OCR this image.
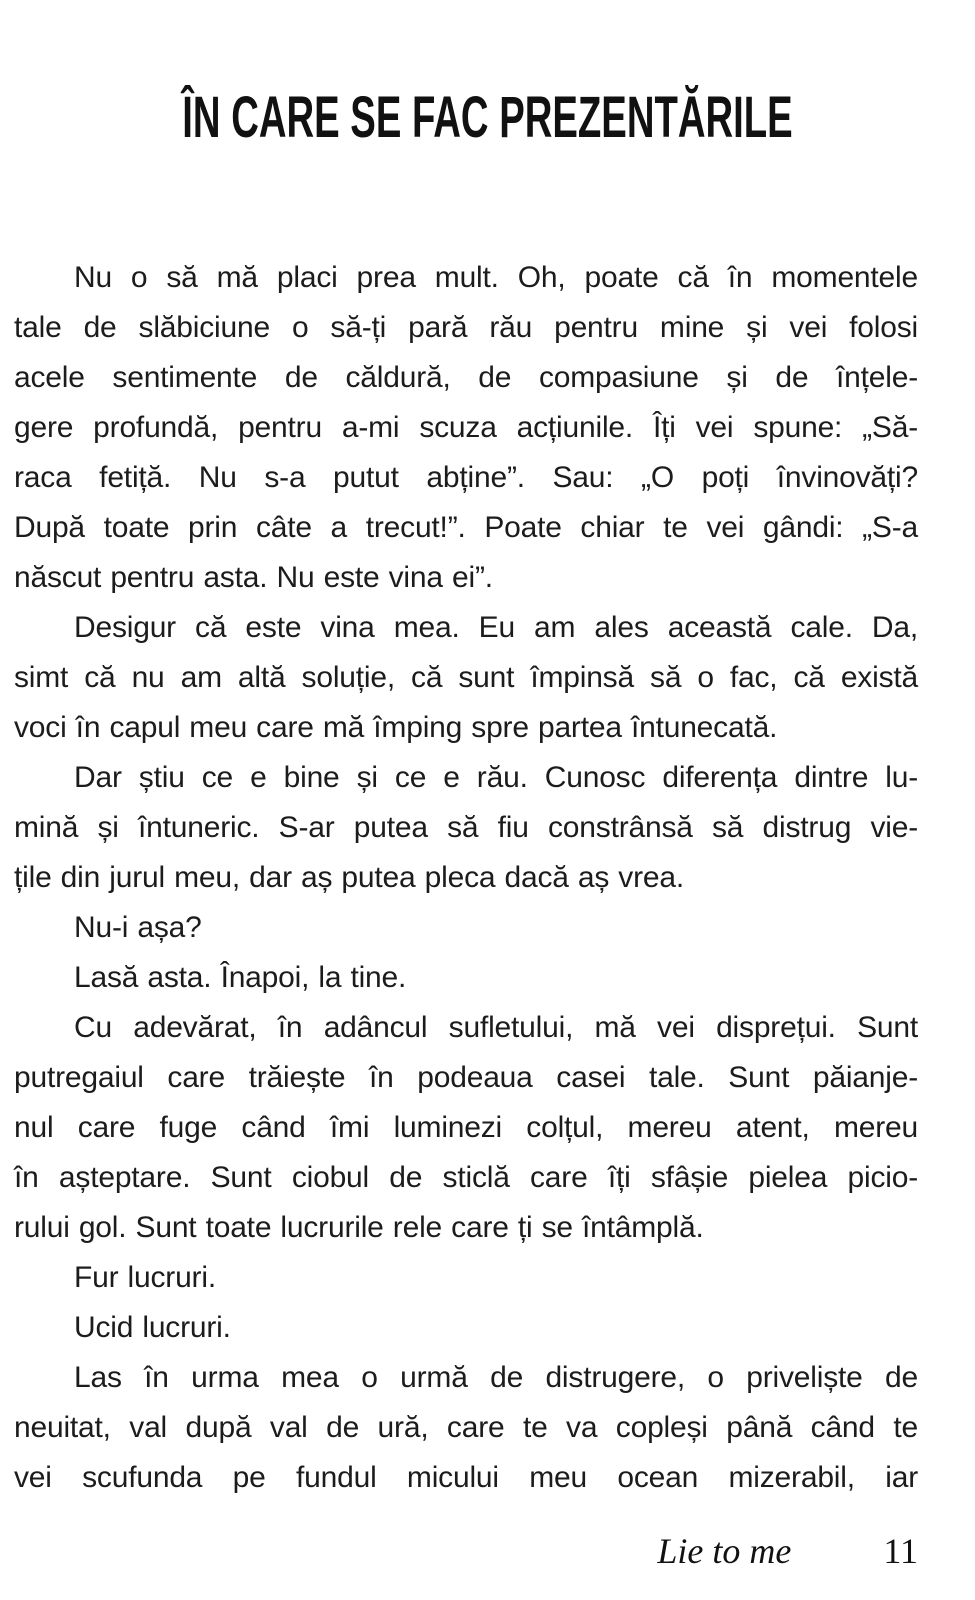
ÎN CARE SE FAC PREZENTĂRILE
Nu o să mă placi prea mult. Oh, poate că în momentele
tale de slăbiciune o să-ți pară rău pentru mine și vei folosi
acele sentimente de căldură, de compasiune și de înțele-
gere profundă, pentru a-mi scuza acțiunile. Îți vei spune: „Să-
raca fetiță. Nu s-a putut abține”. Sau: „O poți învinovăți?
După toate prin câte a trecut!”. Poate chiar te vei gândi: „S-a
născut pentru asta. Nu este vina ei”.
Desigur că este vina mea. Eu am ales această cale. Da,
simt că nu am altă soluție, că sunt împinsă să o fac, că există
voci în capul meu care mă împing spre partea întunecată.
Dar știu ce e bine și ce e rău. Cunosc diferența dintre lu-
mină și întuneric. S-ar putea să fiu constrânsă să distrug vie-
țile din jurul meu, dar aș putea pleca dacă aș vrea.
Nu-i așa?
Lasă asta. Înapoi, la tine.
Cu adevărat, în adâncul sufletului, mă vei disprețui. Sunt
putregaiul care trăiește în podeaua casei tale. Sunt păianje-
nul care fuge când îmi luminezi colțul, mereu atent, mereu
în așteptare. Sunt ciobul de sticlă care îți sfâșie pielea picio-
rului gol. Sunt toate lucrurile rele care ți se întâmplă.
Fur lucruri.
Ucid lucruri.
Las în urma mea o urmă de distrugere, o priveliște de
neuitat, val după val de ură, care te va copleși până când te
vei scufunda pe fundul micului meu ocean mizerabil, iar
Lie to me	11
